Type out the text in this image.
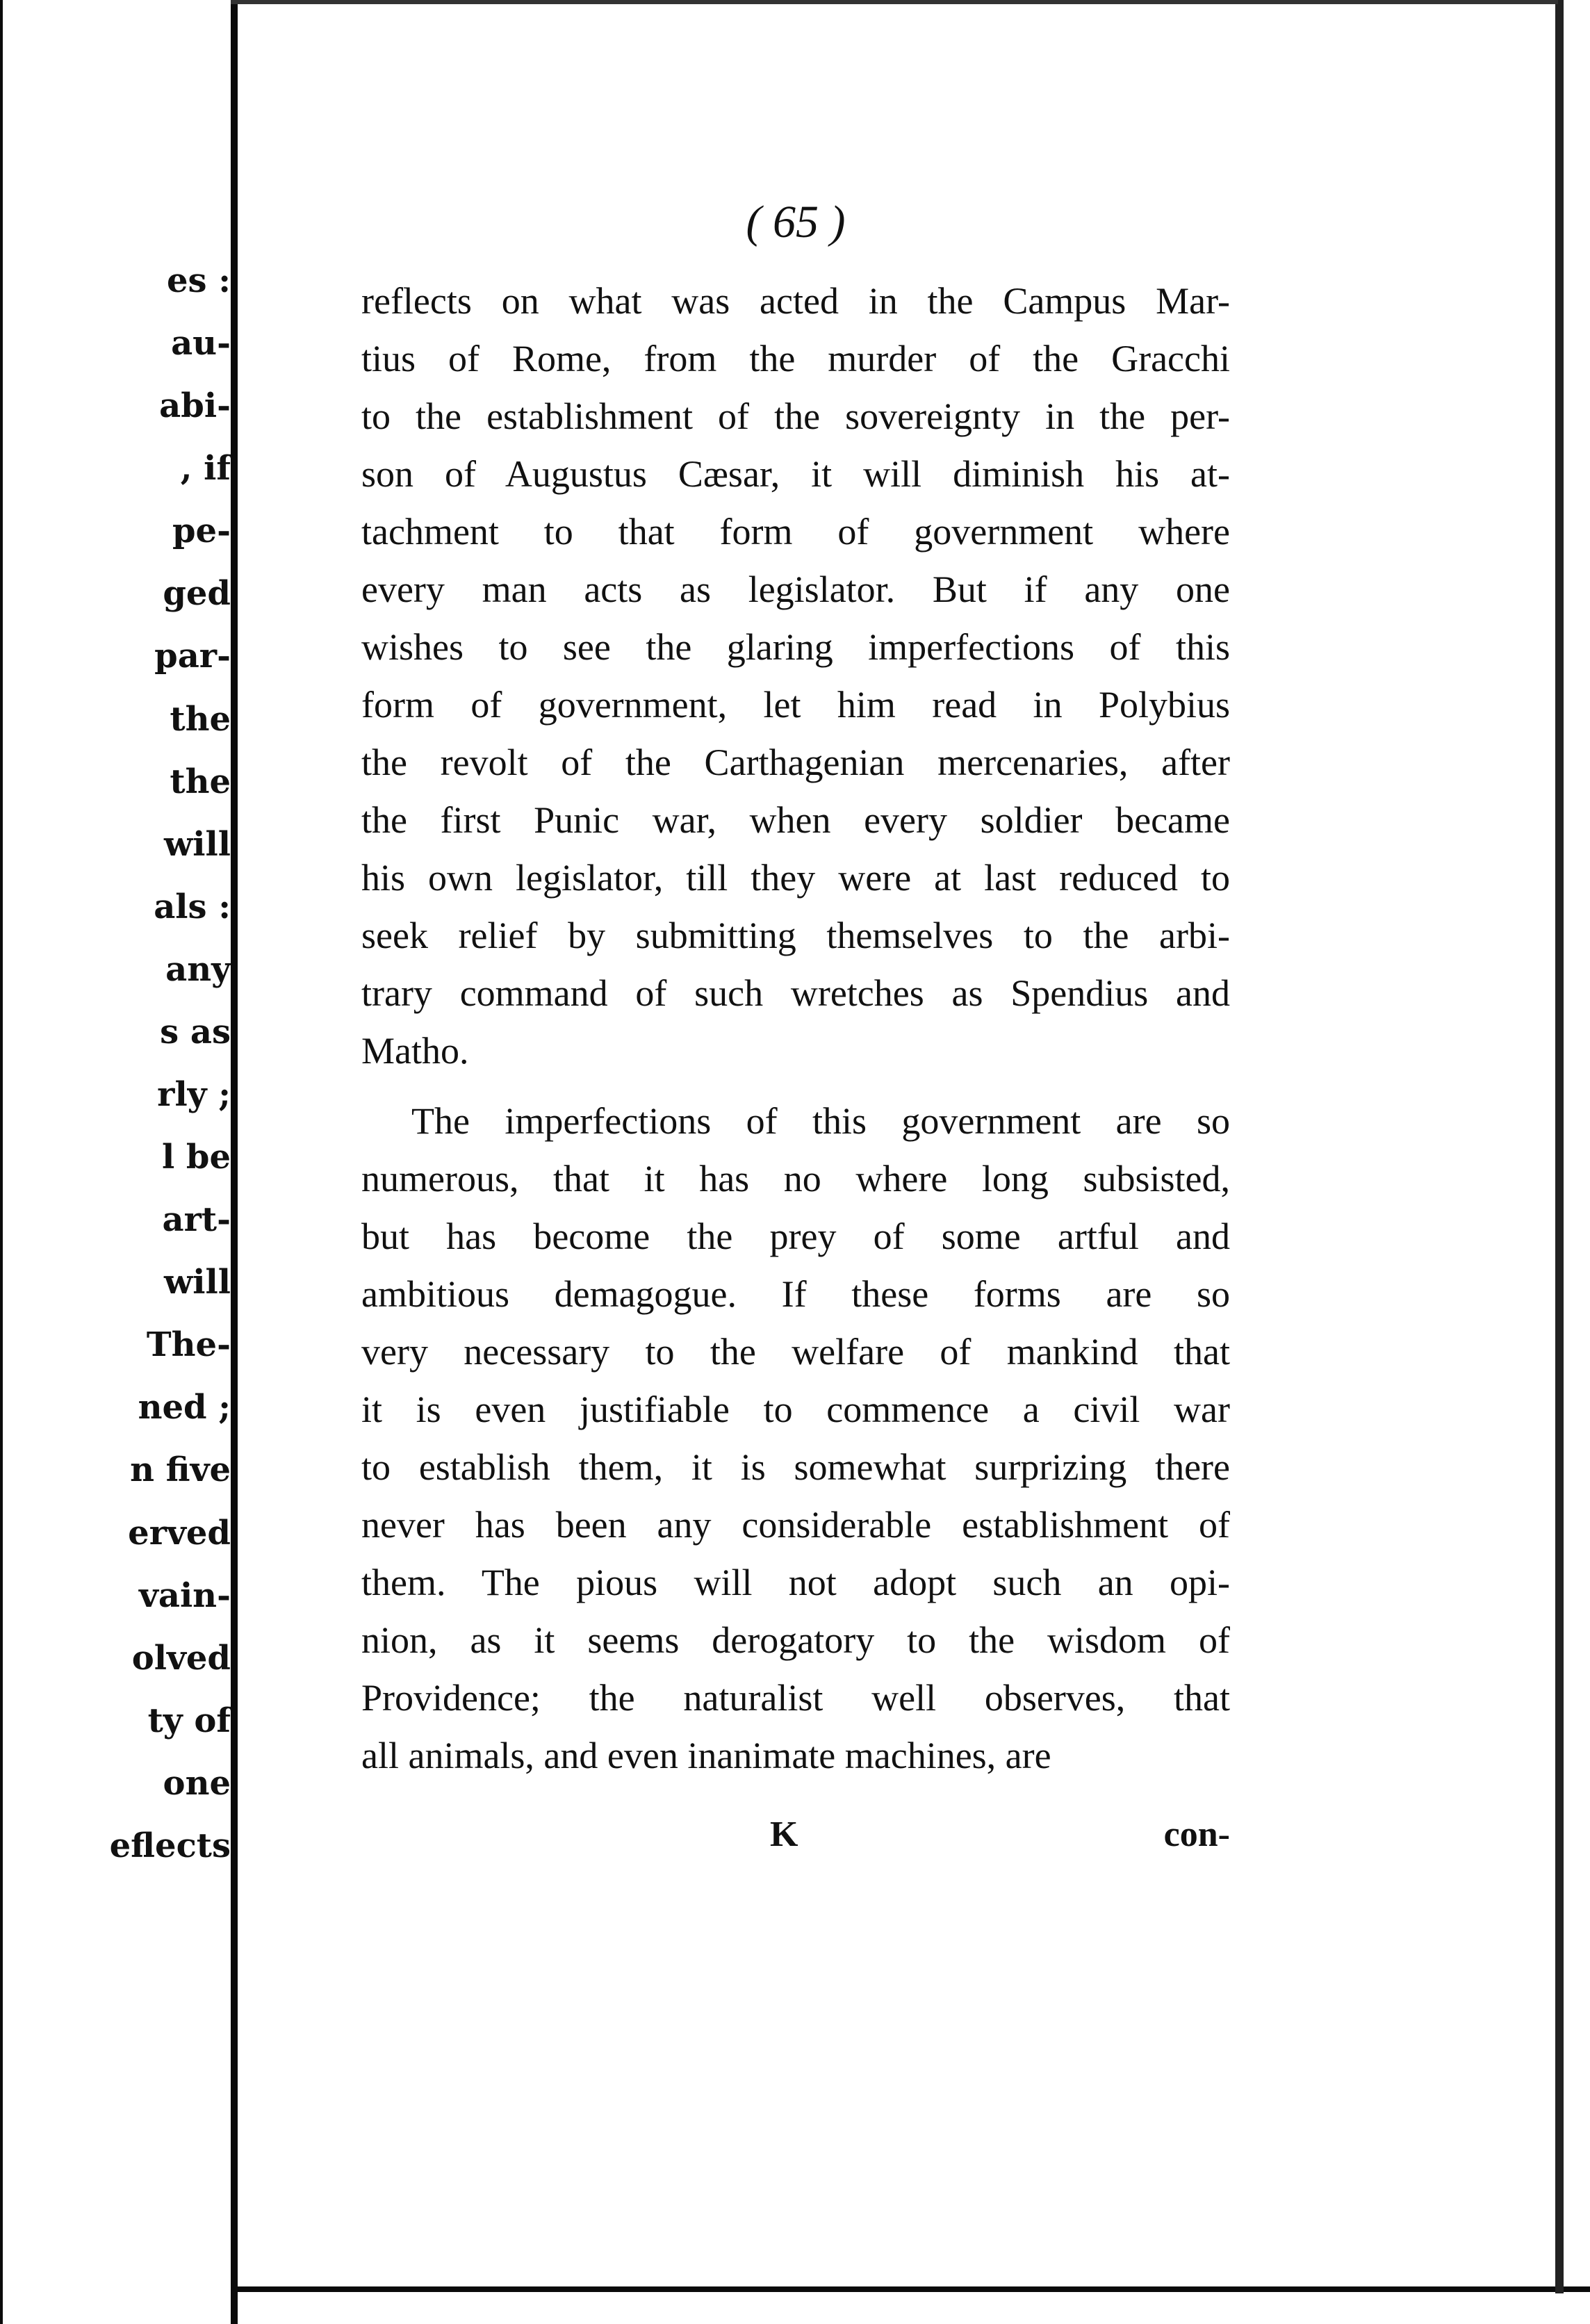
es :
au-
abi-
, if
pe-
ged
par-
the
the
will
als :
any
s as
rly ;
l be
art-
will
The-
ned ;
n five
erved
vain-
olved
ty of
one
eflects
( 65 )
reflects on what was acted in the Campus Mar-
tius of Rome, from the murder of the Gracchi
to the establishment of the sovereignty in the per-
son of Augustus Cæsar, it will diminish his at-
tachment to that form of government where
every man acts as legislator. But if any one
wishes to see the glaring imperfections of this
form of government, let him read in Polybius
the revolt of the Carthagenian mercenaries, after
the first Punic war, when every soldier became
his own legislator, till they were at last reduced to
seek relief by submitting themselves to the arbi-
trary command of such wretches as Spendius and
Matho.
The imperfections of this government are so
numerous, that it has no where long subsisted,
but has become the prey of some artful and
ambitious demagogue. If these forms are so
very necessary to the welfare of mankind that
it is even justifiable to commence a civil war
to establish them, it is somewhat surprizing there
never has been any considerable establishment of
them. The pious will not adopt such an opi-
nion, as it seems derogatory to the wisdom of
Providence; the naturalist well observes, that
all animals, and even inanimate machines, are
K	con-
